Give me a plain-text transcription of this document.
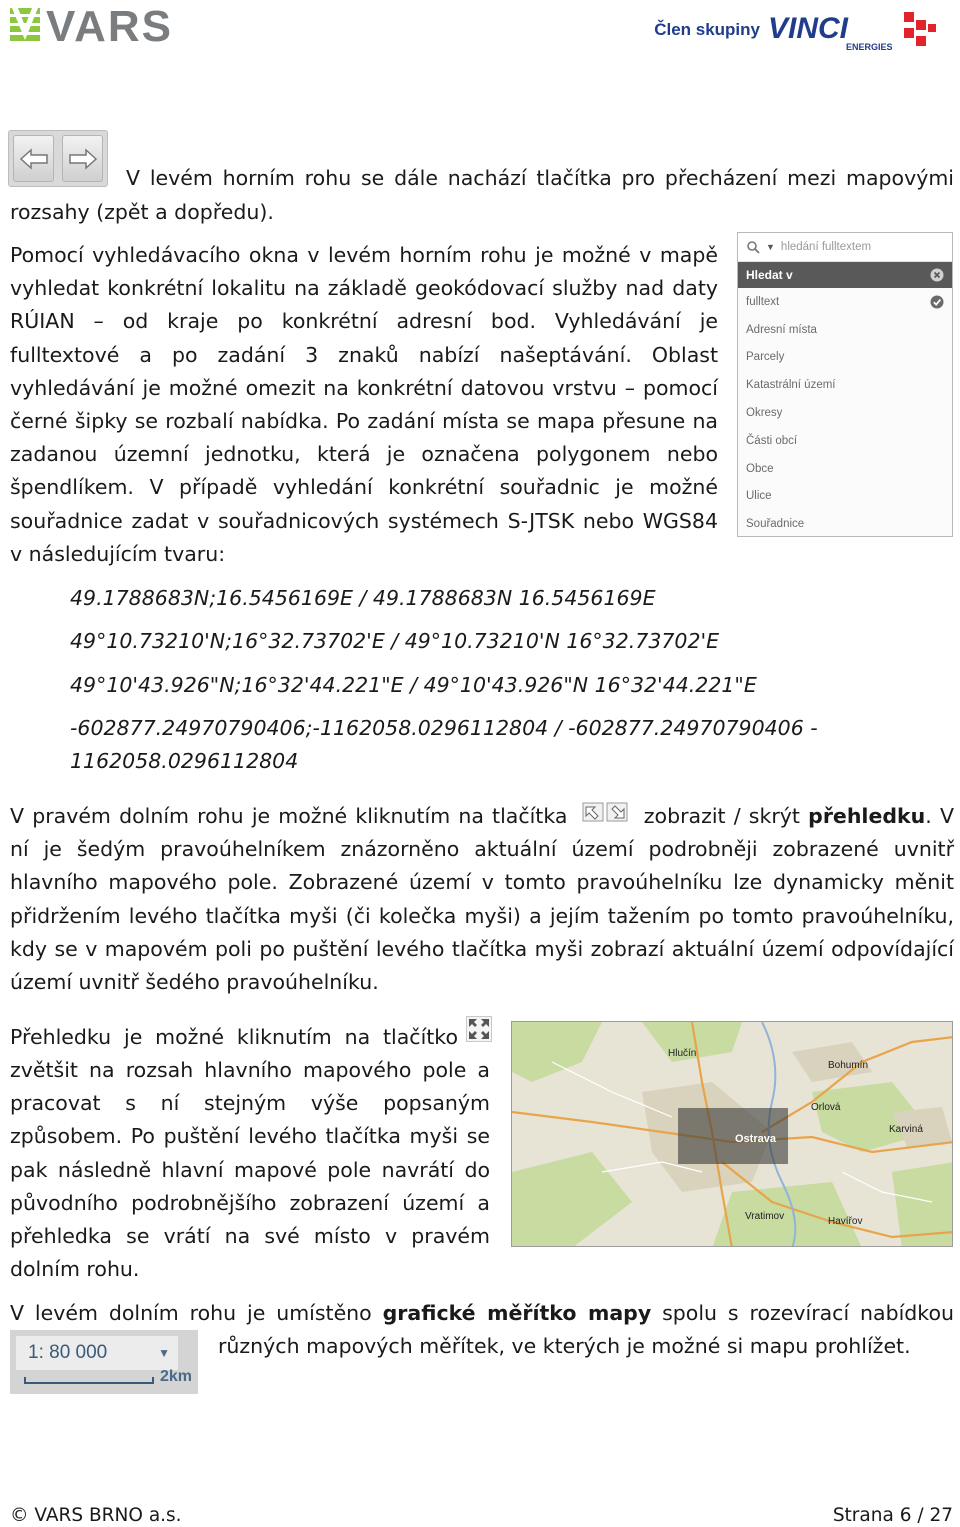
VARS	Člen skupiny VINCI
ENERGIES

V levém horním rohu se dále nachází tlačítka pro přecházení mezi mapovými

rozsahy (zpět a dopředu).

Pomocí vyhledávacího okna v levém horním rohu je možné v mapě vyhledat konkrétní lokalitu na základě geokódovací služby nad daty RÚIAN – od kraje po konkrétní adresní bod. Vyhledávání je fulltextové a po zadání 3 znaků nabízí našeptávání. Oblast vyhledávání je možné omezit na konkrétní datovou vrstvu – pomocí černé šipky se rozbalí nabídka. Po zadání místa se mapa přesune na zadanou územní jednotku, která je označena polygonem nebo špendlíkem. V případě vyhledání konkrétní souřadnic je možné souřadnice zadat v souřadnicových systémech S-JTSK nebo WGS84 v následujícím tvaru:

▼ hledání fulltextem
Hledat v
fulltext
Adresní místa
Parcely
Katastrální území
Okresy
Části obcí
Obce
Ulice
Souřadnice
49.1788683N;16.5456169E / 49.1788683N 16.5456169E
49°10.73210'N;16°32.73702'E / 49°10.73210'N 16°32.73702'E
49°10'43.926"N;16°32'44.221"E / 49°10'43.926"N 16°32'44.221"E
-602877.24970790406;-1162058.0296112804 / -602877.24970790406 -
1162058.0296112804

V pravém dolním rohu je možné kliknutím na tlačítka	zobrazit / skrýt přehledku. V ní je šedým pravoúhelníkem znázorněno aktuální území podrobněji zobrazené uvnitř hlavního mapového pole. Zobrazené území v tomto pravoúhelníku lze dynamicky měnit přidržením levého tlačítka myši (či kolečka myši) a jejím tažením po tomto pravoúhelníku, kdy se v mapovém poli po puštění levého tlačítka myši zobrazí aktuální území odpovídající území uvnitř šedého pravoúhelníku.

Přehledku je možné kliknutím na tlačítko

zvětšit na rozsah hlavního mapového pole a pracovat s ní stejným výše popsaným způsobem. Po puštění levého tlačítka myši se pak následně hlavní mapové pole navrátí do původního podrobnějšího zobrazení území a přehledka se vrátí na své místo v pravém dolním rohu.

Hlučín
Bohumín
Orlová
Ostrava
Karviná
Vratimov	Havířov

V levém dolním rohu je umístěno grafické měřítko mapy spolu s rozevírací nabídkou

různých mapových měřítek, ve kterých je možné si mapu prohlížet.

1: 80 000	▼
2km
© VARS BRNO a.s.	Strana 6 / 27
